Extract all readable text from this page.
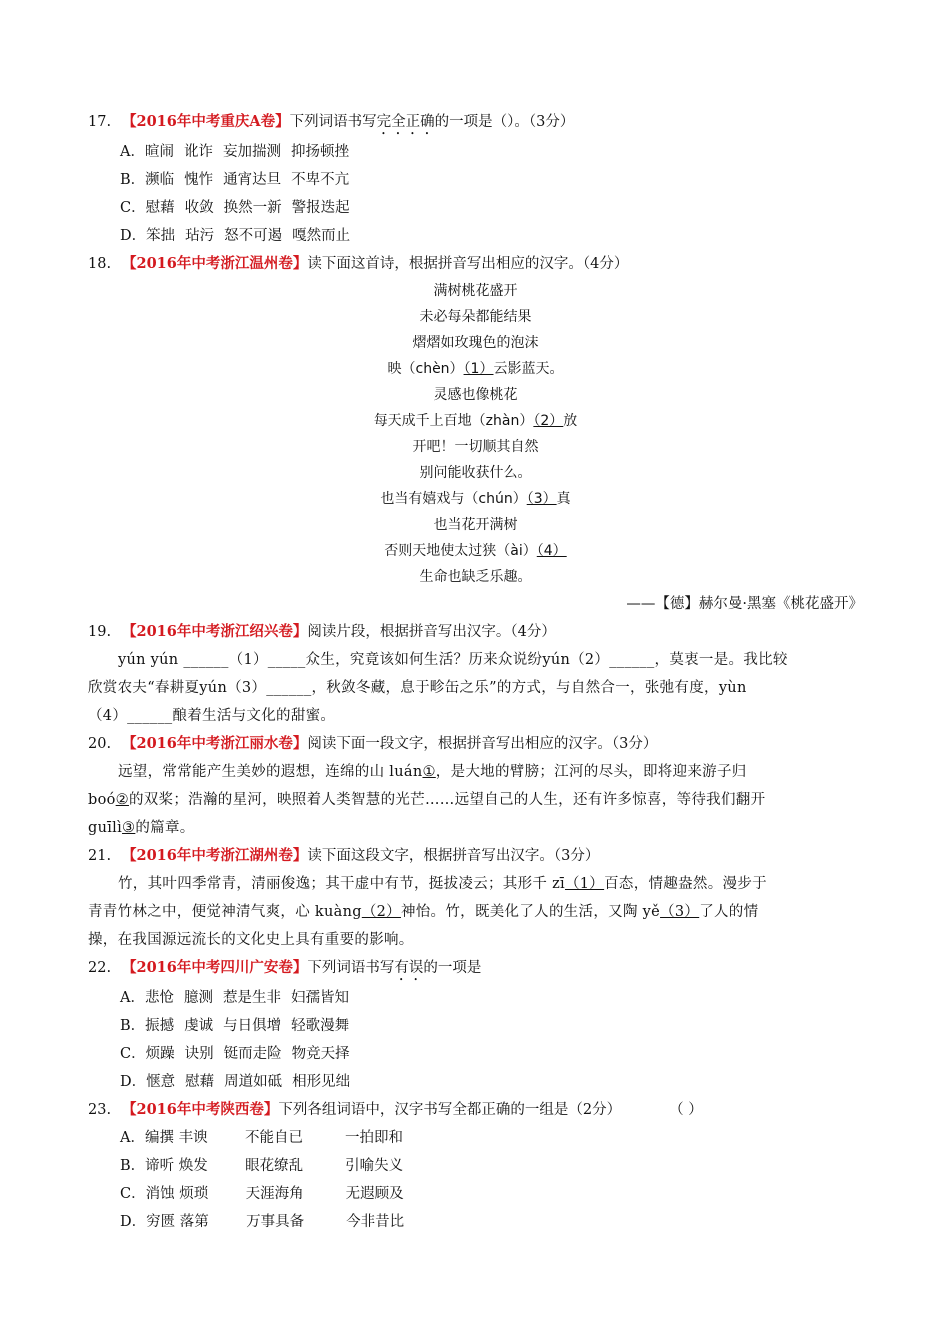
17. 【2016年中考重庆A卷】下列词语书写完全正确的一项是（）。（3分）
A．暄闹 讹诈 妄加揣测 抑扬顿挫
B．濒临 愧怍 通宵达旦 不卑不亢
C．慰藉 收敛 换然一新 警报迭起
D．笨拙 玷污 怒不可遏 嘎然而止
18. 【2016年中考浙江温州卷】读下面这首诗，根据拼音写出相应的汉字。（4分）
满树桃花盛开
未必每朵都能结果
熠熠如玫瑰色的泡沫
映（chèn）（1）云影蓝天。
灵感也像桃花
每天成千上百地（zhàn）（2）放
开吧！一切顺其自然
别问能收获什么。
也当有嬉戏与（chún）（3）真
也当花开满树
否则天地使太过狭（ài）（4）
生命也缺乏乐趣。
——【德】赫尔曼·黑塞《桃花盛开》
19. 【2016年中考浙江绍兴卷】阅读片段，根据拼音写出汉字。（4分）
yún yún ______（1）_____众生，究竟该如何生活？历来众说纷yún（2）______，莫衷一是。我比较
欣赏农夫“春耕夏yún（3）______，秋敛冬藏，息于畛缶之乐”的方式，与自然合一，张弛有度，yùn
（4）______酿着生活与文化的甜蜜。
20. 【2016年中考浙江丽水卷】阅读下面一段文字，根据拼音写出相应的汉字。（3分）
远望，常常能产生美妙的遐想，连绵的山 luán①，是大地的臂膀；江河的尽头，即将迎来游子归
boó②的双桨；浩瀚的星河，映照着人类智慧的光芒……远望自己的人生，还有许多惊喜，等待我们翻开
guīlì③的篇章。
21. 【2016年中考浙江湖州卷】读下面这段文字，根据拼音写出汉字。（3分）
竹，其叶四季常青，清丽俊逸；其干虚中有节，挺拔凌云；其形千 zī（1）百态，情趣盎然。漫步于
青青竹林之中，便觉神清气爽，心 kuàng（2）神怡。竹，既美化了人的生活，又陶 yě（3）了人的情
操，在我国源远流长的文化史上具有重要的影响。
22. 【2016年中考四川广安卷】下列词语书写有误的一项是
A．悲怆 臆测 惹是生非 妇孺皆知
B．振撼 虔诚 与日俱增 轻歌漫舞
C．烦躁 诀别 铤而走险 物竞天择
D．惬意 慰藉 周道如砥 相形见绌
23. 【2016年中考陕西卷】下列各组词语中，汉字书写全都正确的一组是（2分）	（ ）
A．编撰 丰谀	不能自已	一拍即和
B．谛听 焕发	眼花缭乱	引喻失义
C．消蚀 烦琐	天涯海角	无遐顾及
D．穷匮 落第	万事具备	今非昔比
